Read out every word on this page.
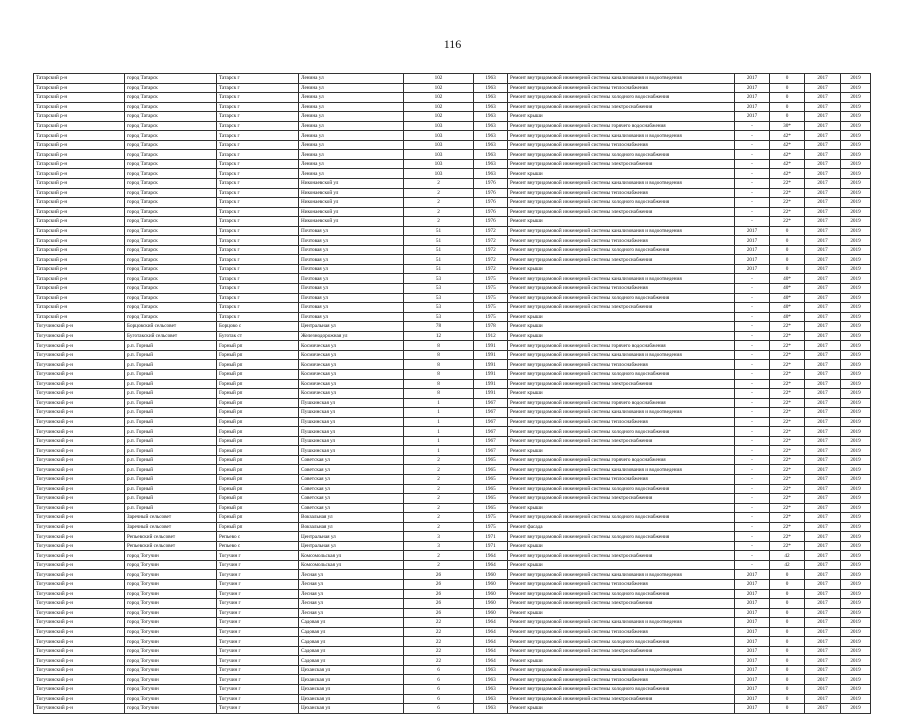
116
Татарский р-н	город Татарск	Татарск г	Ленина ул	102	1963	Ремонт внутридомовой инженерной системы канализования и водоотведения	2017	0	2017	2019
Татарский р-н	город Татарск	Татарск г	Ленина ул	102	1963	Ремонт внутридомовой инженерной системы теплоснабжения	2017	0	2017	2019
Татарский р-н	город Татарск	Татарск г	Ленина ул	102	1963	Ремонт внутридомовой инженерной системы холодного водоснабжения	2017	0	2017	2019
Татарский р-н	город Татарск	Татарск г	Ленина ул	102	1963	Ремонт внутридомовой инженерной системы электроснабжения	2017	0	2017	2019
Татарский р-н	город Татарск	Татарск г	Ленина ул	102	1963	Ремонт крыши	2017	0	2017	2019
Татарский р-н	город Татарск	Татарск г	Ленина ул	103	1963	Ремонт внутридомовой инженерной системы горячего водоснабжения	-	30*	2017	2019
Татарский р-н	город Татарск	Татарск г	Ленина ул	103	1963	Ремонт внутридомовой инженерной системы канализования и водоотведения	-	42*	2017	2019
Татарский р-н	город Татарск	Татарск г	Ленина ул	103	1963	Ремонт внутридомовой инженерной системы теплоснабжения	-	42*	2017	2019
Татарский р-н	город Татарск	Татарск г	Ленина ул	103	1963	Ремонт внутридомовой инженерной системы холодного водоснабжения	-	42*	2017	2019
Татарский р-н	город Татарск	Татарск г	Ленина ул	103	1963	Ремонт внутридомовой инженерной системы электроснабжения	-	42*	2017	2019
Татарский р-н	город Татарск	Татарск г	Ленина ул	103	1963	Ремонт крыши	-	42*	2017	2019
Татарский р-н	город Татарск	Татарск г	Никонаевской ул	2	1976	Ремонт внутридомовой инженерной системы канализования и водоотведения	-	22*	2017	2019
Татарский р-н	город Татарск	Татарск г	Никонаевской ул	2	1976	Ремонт внутридомовой инженерной системы теплоснабжения	-	22*	2017	2019
Татарский р-н	город Татарск	Татарск г	Никонаевской ул	2	1976	Ремонт внутридомовой инженерной системы холодного водоснабжения	-	22*	2017	2019
Татарский р-н	город Татарск	Татарск г	Никонаевской ул	2	1976	Ремонт внутридомовой инженерной системы электроснабжения	-	22*	2017	2019
Татарский р-н	город Татарск	Татарск г	Никонаевской ул	2	1976	Ремонт крыши	-	22*	2017	2019
Татарский р-н	город Татарск	Татарск г	Почтовая ул	51	1972	Ремонт внутридомовой инженерной системы канализования и водоотведения	2017	0	2017	2019
Татарский р-н	город Татарск	Татарск г	Почтовая ул	51	1972	Ремонт внутридомовой инженерной системы теплоснабжения	2017	0	2017	2019
Татарский р-н	город Татарск	Татарск г	Почтовая ул	51	1972	Ремонт внутридомовой инженерной системы холодного водоснабжения	2017	0	2017	2019
Татарский р-н	город Татарск	Татарск г	Почтовая ул	51	1972	Ремонт внутридомовой инженерной системы электроснабжения	2017	0	2017	2019
Татарский р-н	город Татарск	Татарск г	Почтовая ул	51	1972	Ремонт крыши	2017	0	2017	2019
Татарский р-н	город Татарск	Татарск г	Почтовая ул	53	1975	Ремонт внутридомовой инженерной системы канализования и водоотведения	-	40*	2017	2019
Татарский р-н	город Татарск	Татарск г	Почтовая ул	53	1975	Ремонт внутридомовой инженерной системы теплоснабжения	-	40*	2017	2019
Татарский р-н	город Татарск	Татарск г	Почтовая ул	53	1975	Ремонт внутридомовой инженерной системы холодного водоснабжения	-	40*	2017	2019
Татарский р-н	город Татарск	Татарск г	Почтовая ул	53	1975	Ремонт внутридомовой инженерной системы электроснабжения	-	40*	2017	2019
Татарский р-н	город Татарск	Татарск г	Почтовая ул	53	1975	Ремонт крыши	-	40*	2017	2019
Тогучинский р-н	Борцовский сельсовет	Борцово с	Центральная ул	78	1978	Ремонт крыши	-	22*	2017	2019
Тогучинский р-н	Буготакский сельсовет	Буготак ст	Железнодорожная ул	12	1912	Ремонт крыши	-	22*	2017	2019
Тогучинский р-н	р.п. Горный	Горный рп	Космическая ул	8	1991	Ремонт внутридомовой инженерной системы горячего водоснабжения	-	22*	2017	2019
Тогучинский р-н	р.п. Горный	Горный рп	Космическая ул	8	1991	Ремонт внутридомовой инженерной системы канализования и водоотведения	-	22*	2017	2019
Тогучинский р-н	р.п. Горный	Горный рп	Космическая ул	8	1991	Ремонт внутридомовой инженерной системы теплоснабжения	-	22*	2017	2019
Тогучинский р-н	р.п. Горный	Горный рп	Космическая ул	8	1991	Ремонт внутридомовой инженерной системы холодного водоснабжения	-	22*	2017	2019
Тогучинский р-н	р.п. Горный	Горный рп	Космическая ул	8	1991	Ремонт внутридомовой инженерной системы электроснабжения	-	22*	2017	2019
Тогучинский р-н	р.п. Горный	Горный рп	Космическая ул	8	1991	Ремонт крыши	-	22*	2017	2019
Тогучинский р-н	р.п. Горный	Горный рп	Пушкинская ул	1	1967	Ремонт внутридомовой инженерной системы горячего водоснабжения	-	22*	2017	2019
Тогучинский р-н	р.п. Горный	Горный рп	Пушкинская ул	1	1967	Ремонт внутридомовой инженерной системы канализования и водоотведения	-	22*	2017	2019
Тогучинский р-н	р.п. Горный	Горный рп	Пушкинская ул	1	1967	Ремонт внутридомовой инженерной системы теплоснабжения	-	22*	2017	2019
Тогучинский р-н	р.п. Горный	Горный рп	Пушкинская ул	1	1967	Ремонт внутридомовой инженерной системы холодного водоснабжения	-	22*	2017	2019
Тогучинский р-н	р.п. Горный	Горный рп	Пушкинская ул	1	1967	Ремонт внутридомовой инженерной системы электроснабжения	-	22*	2017	2019
Тогучинский р-н	р.п. Горный	Горный рп	Пушкинская ул	1	1967	Ремонт крыши	-	22*	2017	2019
Тогучинский р-н	р.п. Горный	Горный рп	Советская ул	2	1965	Ремонт внутридомовой инженерной системы горячего водоснабжения	-	22*	2017	2019
Тогучинский р-н	р.п. Горный	Горный рп	Советская ул	2	1965	Ремонт внутридомовой инженерной системы канализования и водоотведения	-	22*	2017	2019
Тогучинский р-н	р.п. Горный	Горный рп	Советская ул	2	1965	Ремонт внутридомовой инженерной системы теплоснабжения	-	22*	2017	2019
Тогучинский р-н	р.п. Горный	Горный рп	Советская ул	2	1965	Ремонт внутридомовой инженерной системы холодного водоснабжения	-	22*	2017	2019
Тогучинский р-н	р.п. Горный	Горный рп	Советская ул	2	1965	Ремонт внутридомовой инженерной системы электроснабжения	-	22*	2017	2019
Тогучинский р-н	р.п. Горный	Горный рп	Советская ул	2	1965	Ремонт крыши	-	22*	2017	2019
Тогучинский р-н	Заречный сельсовет	Горный рп	Вокзальная ул	2	1975	Ремонт внутридомовой инженерной системы холодного водоснабжения	-	22*	2017	2019
Тогучинский р-н	Заречный сельсовет	Горный рп	Вокзальная ул	2	1975	Ремонт фасада	-	22*	2017	2019
Тогучинский р-н	Репьевский сельсовет	Репьево с	Центральная ул	3	1971	Ремонт внутридомовой инженерной системы холодного водоснабжения	-	22*	2017	2019
Тогучинский р-н	Репьевский сельсовет	Репьево с	Центральная ул	3	1971	Ремонт крыши	-	22*	2017	2019
Тогучинский р-н	город Тогучин	Тогучин г	Комсомольская ул	2	1964	Ремонт внутридомовой инженерной системы электроснабжения	-	42	2017	2019
Тогучинский р-н	город Тогучин	Тогучин г	Комсомольская ул	2	1964	Ремонт крыши	-	42	2017	2019
Тогучинский р-н	город Тогучин	Тогучин г	Лесная ул	26	1960	Ремонт внутридомовой инженерной системы канализования и водоотведения	2017	0	2017	2019
Тогучинский р-н	город Тогучин	Тогучин г	Лесная ул	26	1960	Ремонт внутридомовой инженерной системы теплоснабжения	2017	0	2017	2019
Тогучинский р-н	город Тогучин	Тогучин г	Лесная ул	26	1960	Ремонт внутридомовой инженерной системы холодного водоснабжения	2017	0	2017	2019
Тогучинский р-н	город Тогучин	Тогучин г	Лесная ул	26	1960	Ремонт внутридомовой инженерной системы электроснабжения	2017	0	2017	2019
Тогучинский р-н	город Тогучин	Тогучин г	Лесная ул	26	1960	Ремонт крыши	2017	0	2017	2019
Тогучинский р-н	город Тогучин	Тогучин г	Садовая ул	22	1964	Ремонт внутридомовой инженерной системы канализования и водоотведения	2017	0	2017	2019
Тогучинский р-н	город Тогучин	Тогучин г	Садовая ул	22	1964	Ремонт внутридомовой инженерной системы теплоснабжения	2017	0	2017	2019
Тогучинский р-н	город Тогучин	Тогучин г	Садовая ул	22	1964	Ремонт внутридомовой инженерной системы холодного водоснабжения	2017	0	2017	2019
Тогучинский р-н	город Тогучин	Тогучин г	Садовая ул	22	1964	Ремонт внутридомовой инженерной системы электроснабжения	2017	0	2017	2019
Тогучинский р-н	город Тогучин	Тогучин г	Садовая ул	22	1964	Ремонт крыши	2017	0	2017	2019
Тогучинский р-н	город Тогучин	Тогучин г	Цеханская ул	6	1963	Ремонт внутридомовой инженерной системы канализования и водоотведения	2017	0	2017	2019
Тогучинский р-н	город Тогучин	Тогучин г	Цеханская ул	6	1963	Ремонт внутридомовой инженерной системы теплоснабжения	2017	0	2017	2019
Тогучинский р-н	город Тогучин	Тогучин г	Цеханская ул	6	1963	Ремонт внутридомовой инженерной системы холодного водоснабжения	2017	0	2017	2019
Тогучинский р-н	город Тогучин	Тогучин г	Цеханская ул	6	1963	Ремонт внутридомовой инженерной системы электроснабжения	2017	0	2017	2019
Тогучинский р-н	город Тогучин	Тогучин г	Цеханская ул	6	1963	Ремонт крыши	2017	0	2017	2019
